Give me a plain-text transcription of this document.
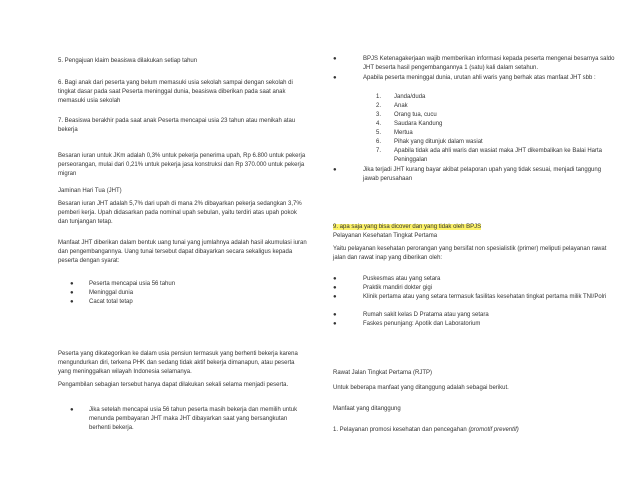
5. Pengajuan klaim beasiswa dilakukan setiap tahun

6. Bagi anak dari peserta yang belum memasuki usia sekolah sampai dengan sekolah di tingkat dasar pada saat Peserta meninggal dunia, beasiswa diberikan pada saat anak memasuki usia sekolah

7. Beasiswa berakhir pada saat anak Peserta mencapai usia 23 tahun atau menikah atau bekerja

Besaran iuran untuk JKm adalah 0,3% untuk pekerja penerima upah, Rp 6.800 untuk pekerja perseorangan, mulai dari 0,21% untuk pekerja jasa konstruksi dan Rp 370.000 untuk pekerja migran

Jaminan Hari Tua (JHT)

Besaran iuran JHT adalah 5,7% dari upah di mana 2% dibayarkan pekerja sedangkan 3,7% pemberi kerja. Upah didasarkan pada nominal upah sebulan, yaitu terdiri atas upah pokok dan tunjangan tetap.

Manfaat JHT diberikan dalam bentuk uang tunai yang jumlahnya adalah hasil akumulasi iuran dan pengembangannya. Uang tunai tersebut dapat dibayarkan secara sekaligus kepada peserta dengan syarat:

●	Peserta mencapai usia 56 tahun
●	Meninggal dunia
●	Cacat total tetap

Peserta yang dikategorikan ke dalam usia pensiun termasuk yang berhenti bekerja karena mengundurkan diri, terkena PHK dan sedang tidak aktif bekerja dimanapun, atau peserta yang meninggalkan wilayah Indonesia selamanya.

Pengambilan sebagian tersebut hanya dapat dilakukan sekali selama menjadi peserta.

●	Jika setelah mencapai usia 56 tahun peserta masih bekerja dan memilih untuk menunda pembayaran JHT maka JHT dibayarkan saat yang bersangkutan berhenti bekerja.
●	BPJS Ketenagakerjaan wajib memberikan informasi kepada peserta mengenai besarnya saldo JHT beserta hasil pengembangannya 1 (satu) kali dalam setahun.
●	Apabila peserta meninggal dunia, urutan ahli waris yang berhak atas manfaat JHT sbb :
1. Janda/duda
2. Anak
3. Orang tua, cucu
4. Saudara Kandung
5. Mertua
6. Pihak yang ditunjuk dalam wasiat
7. Apabila tidak ada ahli waris dan wasiat maka JHT dikembalikan ke Balai Harta Peninggalan
●	Jika terjadi JHT kurang bayar akibat pelaporan upah yang tidak sesuai, menjadi tanggung jawab perusahaan

9. apa saja yang bisa dicover dan yang tidak oleh BPJS

Pelayanan Kesehatan Tingkat Pertama

Yaitu pelayanan kesehatan perorangan yang bersifat non spesialistik (primer) meliputi pelayanan rawat jalan dan rawat inap yang diberikan oleh:

●	Puskesmas atau yang setara
●	Praktik mandiri dokter gigi
●	Klinik pertama atau yang setara termasuk fasilitas kesehatan tingkat pertama milik TNI/Polri
●	Rumah sakit kelas D Pratama atau yang setara
●	Faskes penunjang: Apotik dan Laboratorium

Rawat Jalan Tingkat Pertama (RJTP)

Untuk beberapa manfaat yang ditanggung adalah sebagai berikut.

Manfaat yang ditanggung

1. Pelayanan promosi kesehatan dan pencegahan (promotif preventif)
